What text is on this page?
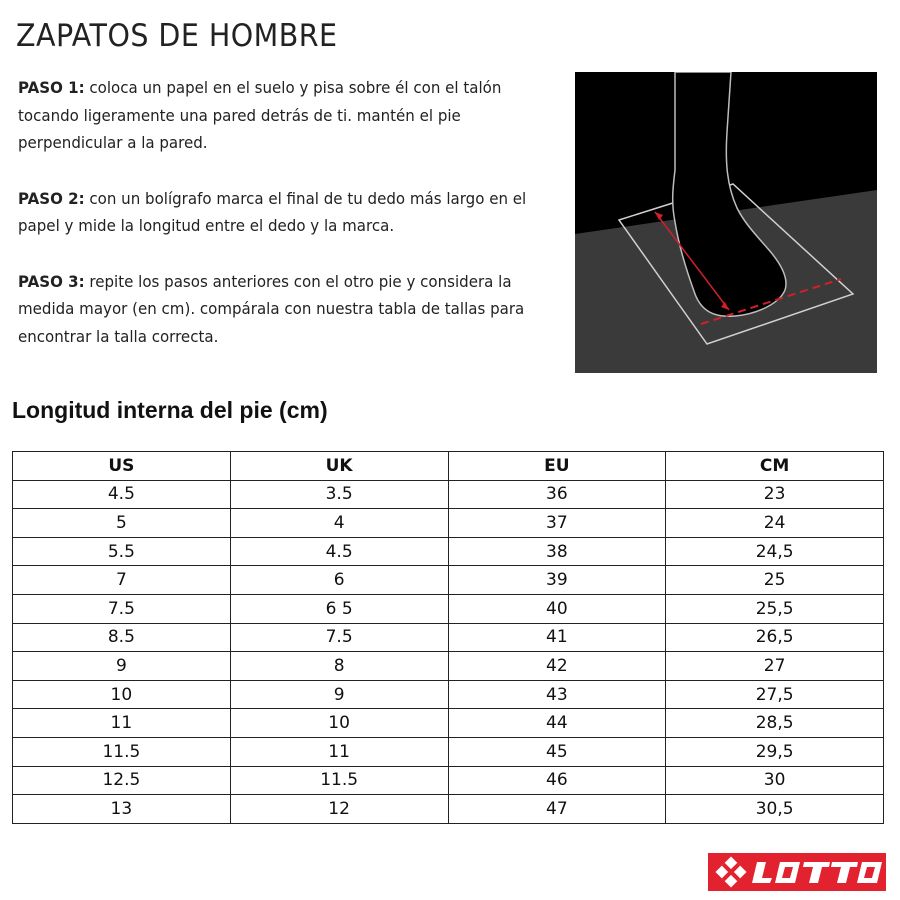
ZAPATOS DE HOMBRE

PASO 1: coloca un papel en el suelo y pisa sobre él con el talón tocando ligeramente una pared detrás de ti. mantén el pie perpendicular a la pared.

PASO 2: con un bolígrafo marca el final de tu dedo más largo en el papel y mide la longitud entre el dedo y la marca.

PASO 3: repite los pasos anteriores con el otro pie y considera la medida mayor (en cm). compárala con nuestra tabla de tallas para encontrar la talla correcta.

Longitud interna del pie (cm)
US	UK	EU	CM
4.5	3.5	36	23
5	4	37	24
5.5	4.5	38	24,5
7	6	39	25
7.5	6 5	40	25,5
8.5	7.5	41	26,5
9	8	42	27
10	9	43	27,5
11	10	44	28,5
11.5	11	45	29,5
12.5	11.5	46	30
13	12	47	30,5
